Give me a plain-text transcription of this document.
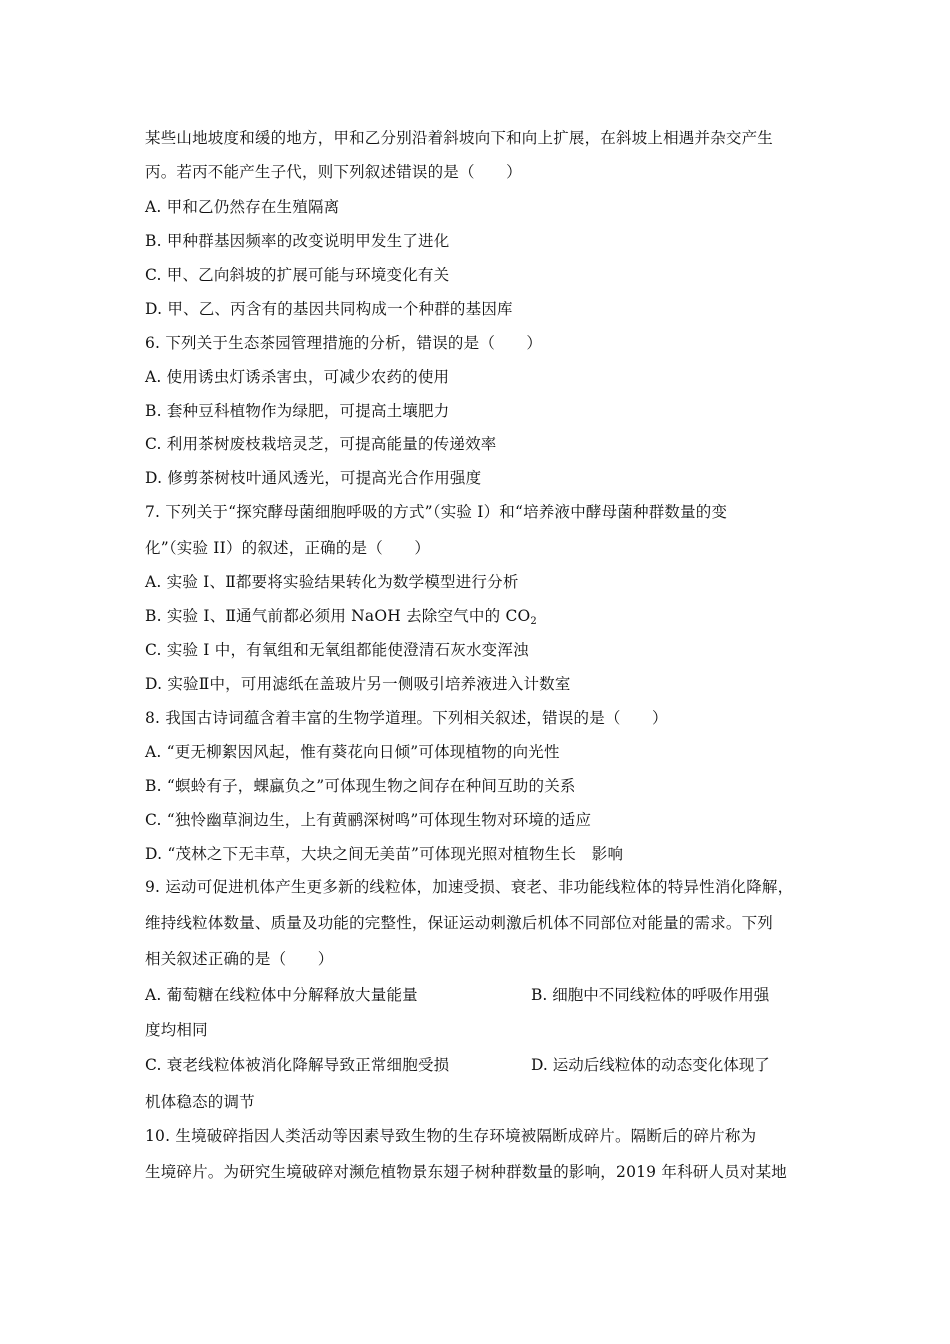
某些山地坡度和缓的地方，甲和乙分别沿着斜坡向下和向上扩展，在斜坡上相遇并杂交产生
丙。若丙不能产生子代，则下列叙述错误的是（　　）
A. 甲和乙仍然存在生殖隔离
B. 甲种群基因频率的改变说明甲发生了进化
C. 甲、乙向斜坡的扩展可能与环境变化有关
D. 甲、乙、丙含有的基因共同构成一个种群的基因库
6. 下列关于生态茶园管理措施的分析，错误的是（　　）
A. 使用诱虫灯诱杀害虫，可减少农药的使用
B. 套种豆科植物作为绿肥，可提高土壤肥力
C. 利用茶树废枝栽培灵芝，可提高能量的传递效率
D. 修剪茶树枝叶通风透光，可提高光合作用强度
7. 下列关于“探究酵母菌细胞呼吸的方式”（实验 I）和“培养液中酵母菌种群数量的变
化”（实验 II）的叙述，正确的是（　　）
A. 实验 I、Ⅱ都要将实验结果转化为数学模型进行分析
B. 实验 I、Ⅱ通气前都必须用 NaOH 去除空气中的 $CO_2$
C. 实验 I 中，有氧组和无氧组都能使澄清石灰水变浑浊
D. 实验Ⅱ中，可用滤纸在盖玻片另一侧吸引培养液进入计数室
8. 我国古诗词蕴含着丰富的生物学道理。下列相关叙述，错误的是（　　）
A. “更无柳絮因风起，惟有葵花向日倾”可体现植物的向光性
B. “螟蛉有子，蜾蠃负之”可体现生物之间存在种间互助的关系
C. “独怜幽草涧边生，上有黄鹂深树鸣”可体现生物对环境的适应
D. “茂林之下无丰草，大块之间无美苗”可体现光照对植物生长　影响
9. 运动可促进机体产生更多新的线粒体，加速受损、衰老、非功能线粒体的特异性消化降解，
维持线粒体数量、质量及功能的完整性，保证运动刺激后机体不同部位对能量的需求。下列
相关叙述正确的是（　　）
A. 葡萄糖在线粒体中分解释放大量能量	B. 细胞中不同线粒体的呼吸作用强
度均相同
C. 衰老线粒体被消化降解导致正常细胞受损	D. 运动后线粒体的动态变化体现了
机体稳态的调节
10. 生境破碎指因人类活动等因素导致生物的生存环境被隔断成碎片。隔断后的碎片称为
生境碎片。为研究生境破碎对濒危植物景东翅子树种群数量的影响，2019 年科研人员对某地
